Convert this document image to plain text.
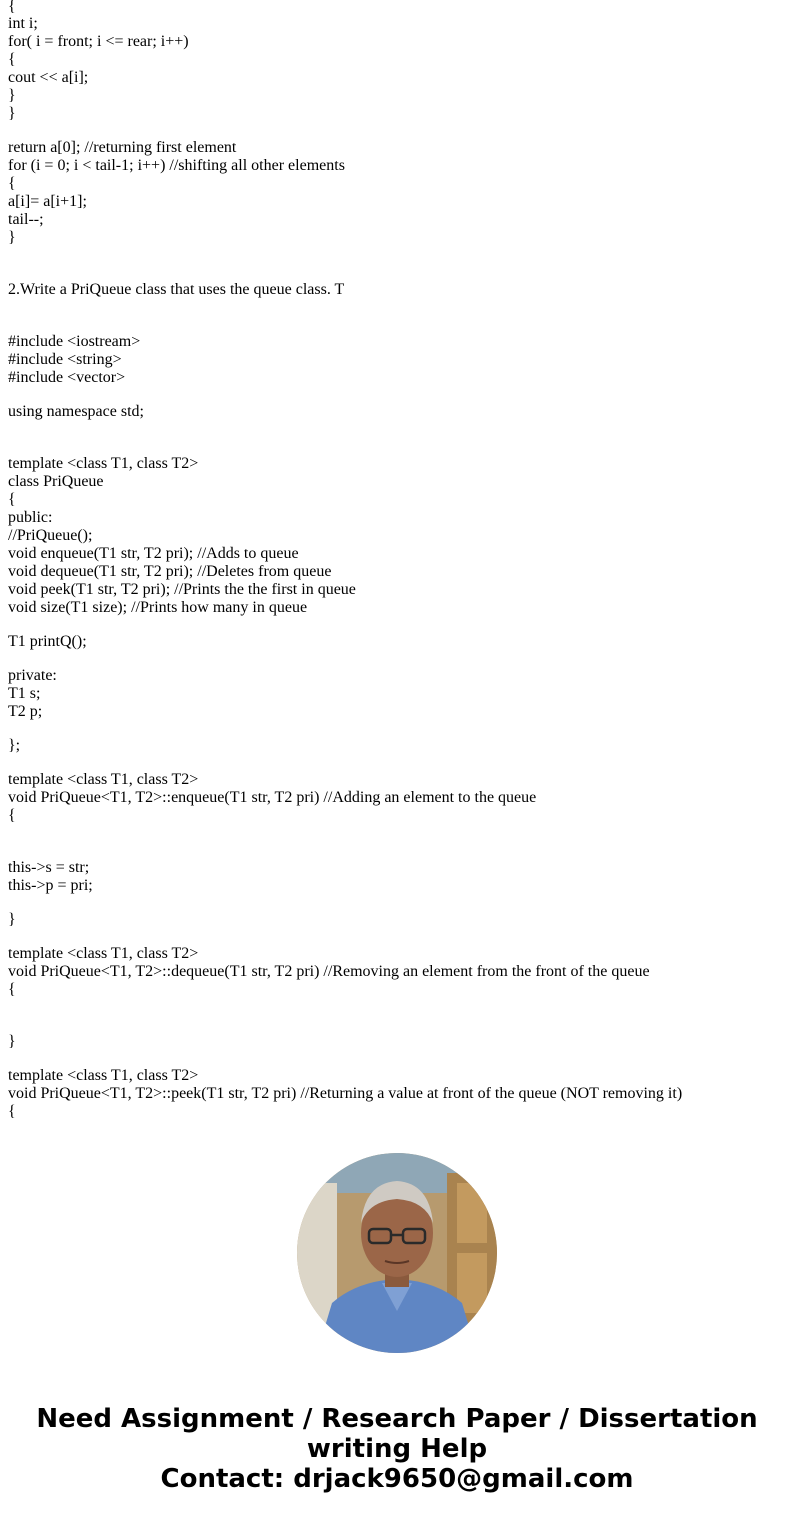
{
int i;
for( i = front; i <= rear; i++)
{
cout << a[i];
}
}
return a[0]; //returning first element
for (i = 0; i < tail-1; i++) //shifting all other elements
{
a[i]= a[i+1];
tail--;
}
2.Write a PriQueue class that uses the queue class. T
#include <iostream>
#include <string>
#include <vector>
using namespace std;
template <class T1, class T2>
class PriQueue
{
public:
//PriQueue();
void enqueue(T1 str, T2 pri); //Adds to queue
void dequeue(T1 str, T2 pri); //Deletes from queue
void peek(T1 str, T2 pri); //Prints the the first in queue
void size(T1 size); //Prints how many in queue
T1 printQ();
private:
T1 s;
T2 p;
};
template <class T1, class T2>
void PriQueue<T1, T2>::enqueue(T1 str, T2 pri) //Adding an element to the queue
{
this->s = str;
this->p = pri;
}
template <class T1, class T2>
void PriQueue<T1, T2>::dequeue(T1 str, T2 pri) //Removing an element from the front of the queue
{
}
template <class T1, class T2>
void PriQueue<T1, T2>::peek(T1 str, T2 pri) //Returning a value at front of the queue (NOT removing it)
{
Need Assignment / Research Paper / Dissertation
writing Help
Contact: drjack9650@gmail.com
